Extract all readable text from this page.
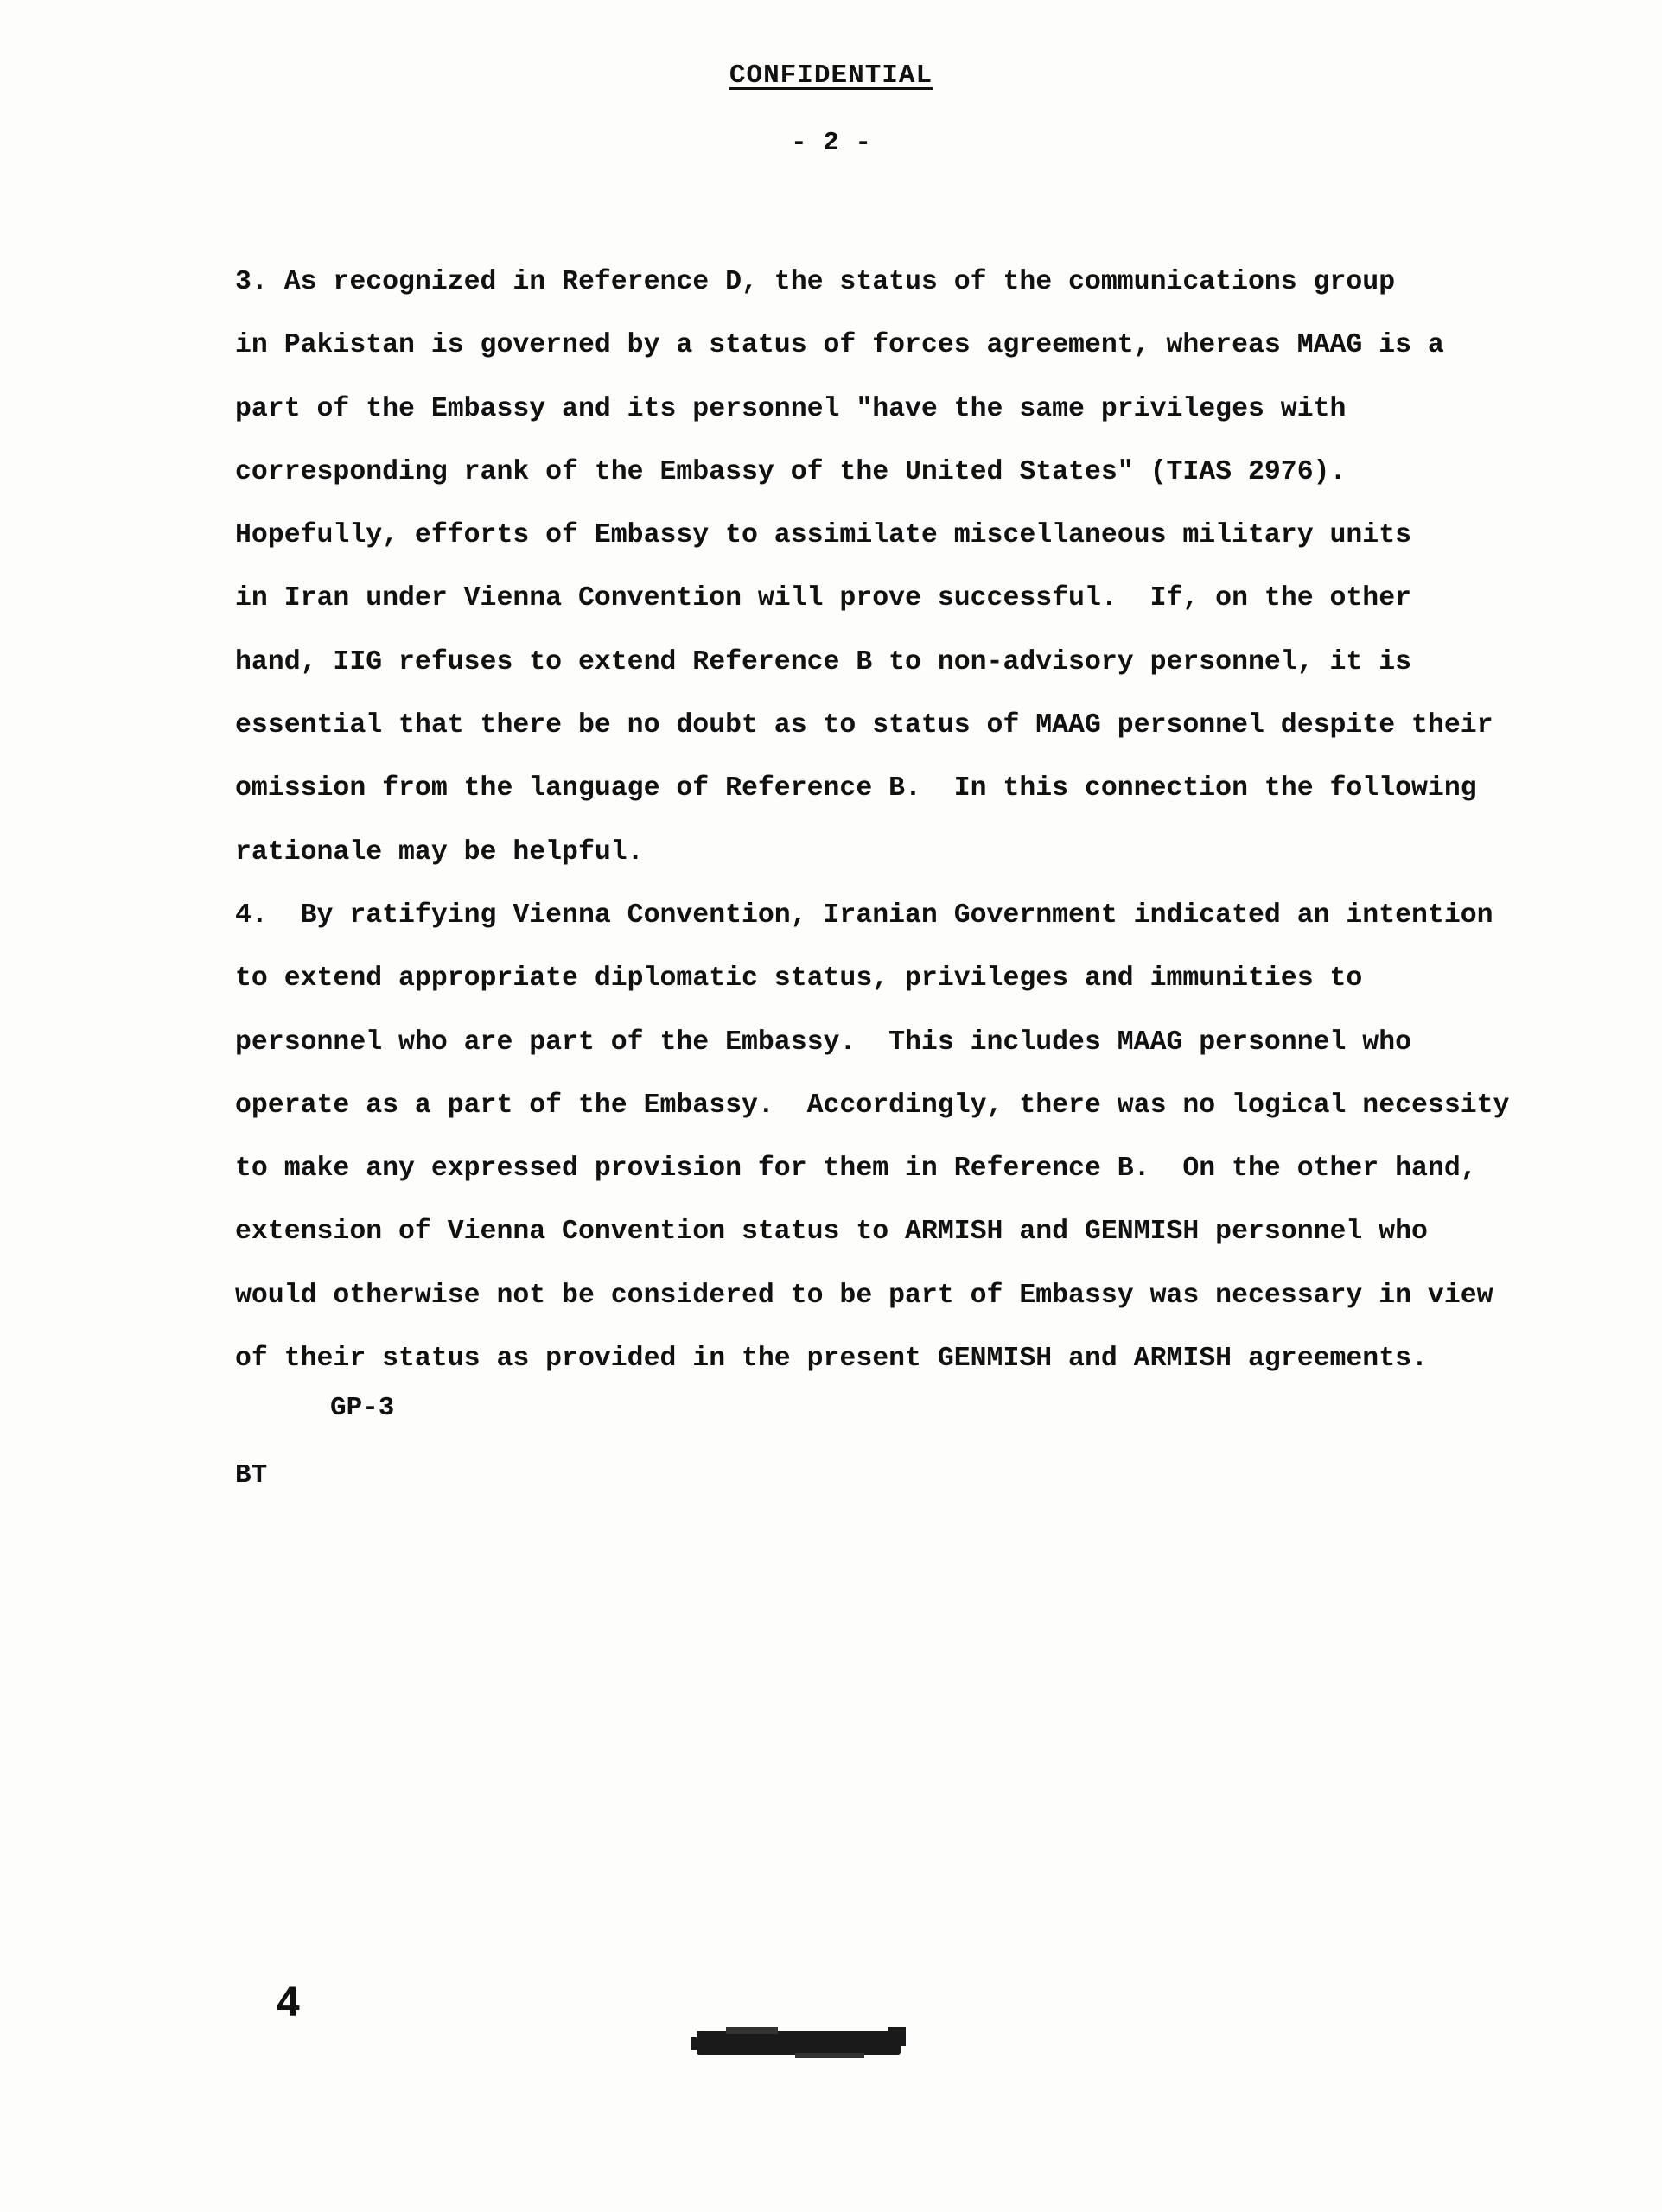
CONFIDENTIAL
- 2 -
3. As recognized in Reference D, the status of the communications group
in Pakistan is governed by a status of forces agreement, whereas MAAG is a
part of the Embassy and its personnel "have the same privileges with
corresponding rank of the Embassy of the United States" (TIAS 2976).
Hopefully, efforts of Embassy to assimilate miscellaneous military units
in Iran under Vienna Convention will prove successful.  If, on the other
hand, IIG refuses to extend Reference B to non-advisory personnel, it is
essential that there be no doubt as to status of MAAG personnel despite their
omission from the language of Reference B.  In this connection the following
rationale may be helpful.
4.  By ratifying Vienna Convention, Iranian Government indicated an intention
to extend appropriate diplomatic status, privileges and immunities to
personnel who are part of the Embassy.  This includes MAAG personnel who
operate as a part of the Embassy.  Accordingly, there was no logical necessity
to make any expressed provision for them in Reference B.  On the other hand,
extension of Vienna Convention status to ARMISH and GENMISH personnel who
would otherwise not be considered to be part of Embassy was necessary in view
of their status as provided in the present GENMISH and ARMISH agreements.
GP-3
BT
4
